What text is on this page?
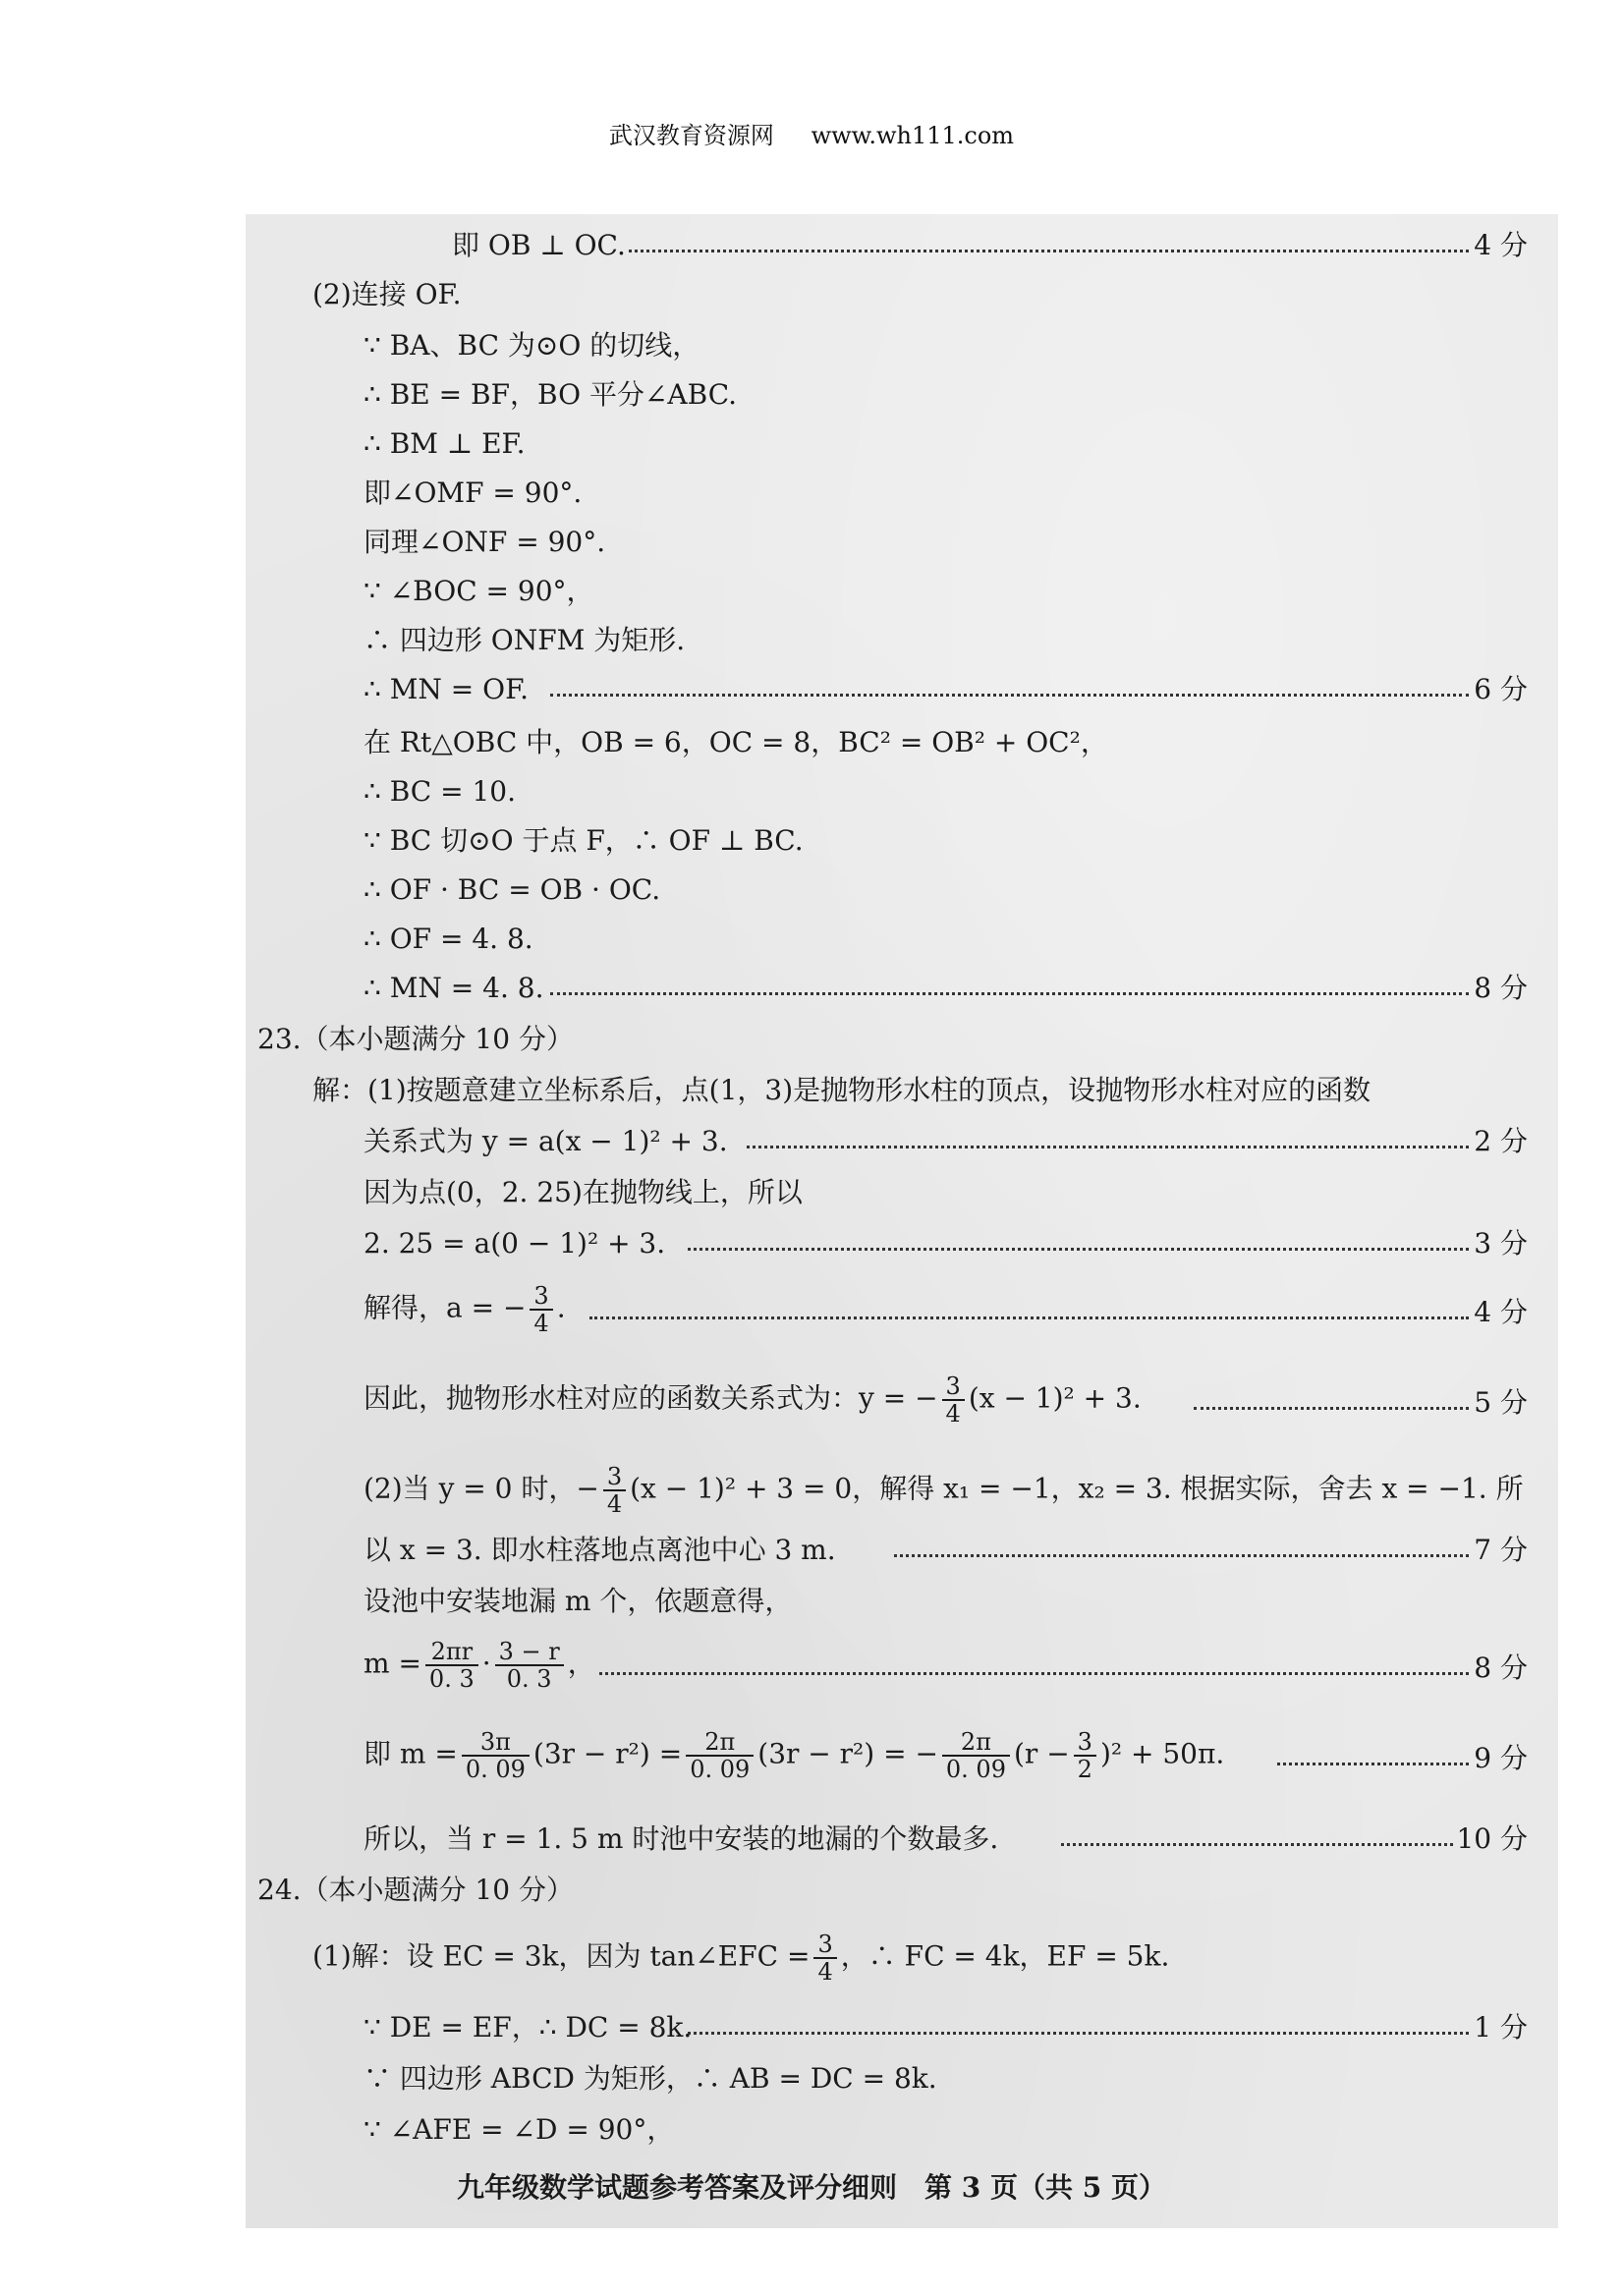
武汉教育资源网 www.wh111.com
即 OB ⊥ OC.	4 分
(2)连接 OF.
∵ BA、BC 为⊙O 的切线，
∴ BE = BF，BO 平分∠ABC.
∴ BM ⊥ EF.
即∠OMF = 90°.
同理∠ONF = 90°.
∵ ∠BOC = 90°，
∴ 四边形 ONFM 为矩形.
∴ MN = OF.	6 分
在 Rt△OBC 中，OB = 6，OC = 8，BC² = OB² + OC²，
∴ BC = 10.
∵ BC 切⊙O 于点 F，∴ OF ⊥ BC.
∴ OF · BC = OB · OC.
∴ OF = 4. 8.
∴ MN = 4. 8.	8 分
23.（本小题满分 10 分）
解：(1)按题意建立坐标系后，点(1，3)是抛物形水柱的顶点，设抛物形水柱对应的函数
关系式为 y = a(x − 1)² + 3.	2 分
因为点(0，2. 25)在抛物线上，所以
2. 25 = a(0 − 1)² + 3.	3 分
解得，a = − $\frac{3}{4}$ .	4 分
因此，抛物形水柱对应的函数关系式为：y = − $\frac{3}{4} (x - 1)^2 + 3$.	5 分
(2)当 y = 0 时，− $\frac{3}{4} (x - 1)^2 + 3 = 0$，解得 x₁ = −1，x₂ = 3. 根据实际，舍去 x = −1. 所
以 x = 3. 即水柱落地点离池中心 3 m.	7 分
设池中安装地漏 m 个，依题意得，
$m = \frac{2\pi r}{0. 3} \cdot \frac{3 - r}{0. 3}$ ，	8 分
即 $m = \frac{3\pi}{0. 09} (3r - r^2) = \frac{2\pi}{0. 09} (3r - r^2)$ = − $\frac{2\pi}{0. 09} (r - \frac{3}{2} )^2 + 50\pi$.	9 分
所以，当 r = 1. 5 m 时池中安装的地漏的个数最多.	10 分
24.（本小题满分 10 分）
(1)解：设 EC = 3k，因为 tan∠EFC = $\frac{3}{4}$ ，∴ FC = 4k，EF = 5k.
∵ DE = EF，∴ DC = 8k.	1 分
∵ 四边形 ABCD 为矩形，∴ AB = DC = 8k.
∵ ∠AFE = ∠D = 90°，
九年级数学试题参考答案及评分细则　第 3 页（共 5 页）
